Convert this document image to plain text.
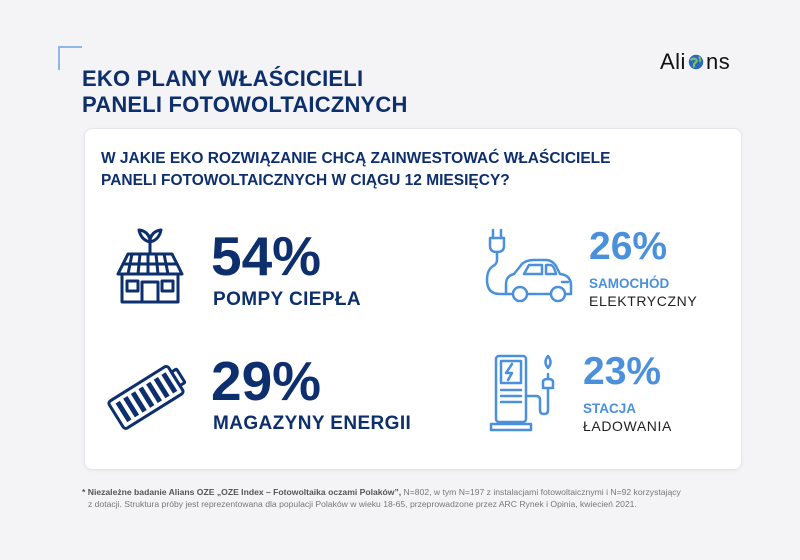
EKO PLANY WŁAŚCICIELI
PANELI FOTOWOLTAICZNYCH
Ali ns
W JAKIE EKO ROZWIĄZANIE CHCĄ ZAINWESTOWAĆ WŁAŚCICIELE
PANELI FOTOWOLTAICZNYCH W CIĄGU 12 MIESIĘCY?
54%
POMPY CIEPŁA
26%
SAMOCHÓD
ELEKTRYCZNY
29%
MAGAZYNY ENERGII
23%
STACJA
ŁADOWANIA
* Niezależne badanie Alians OZE „OZE Index – Fotowoltaika oczami Polaków”, N=802, w tym N=197 z instalacjami fotowoltaicznymi i N=92 korzystający
z dotacji. Struktura próby jest reprezentowana dla populacji Polaków w wieku 18-65, przeprowadzone przez ARC Rynek i Opinia, kwiecień 2021.
